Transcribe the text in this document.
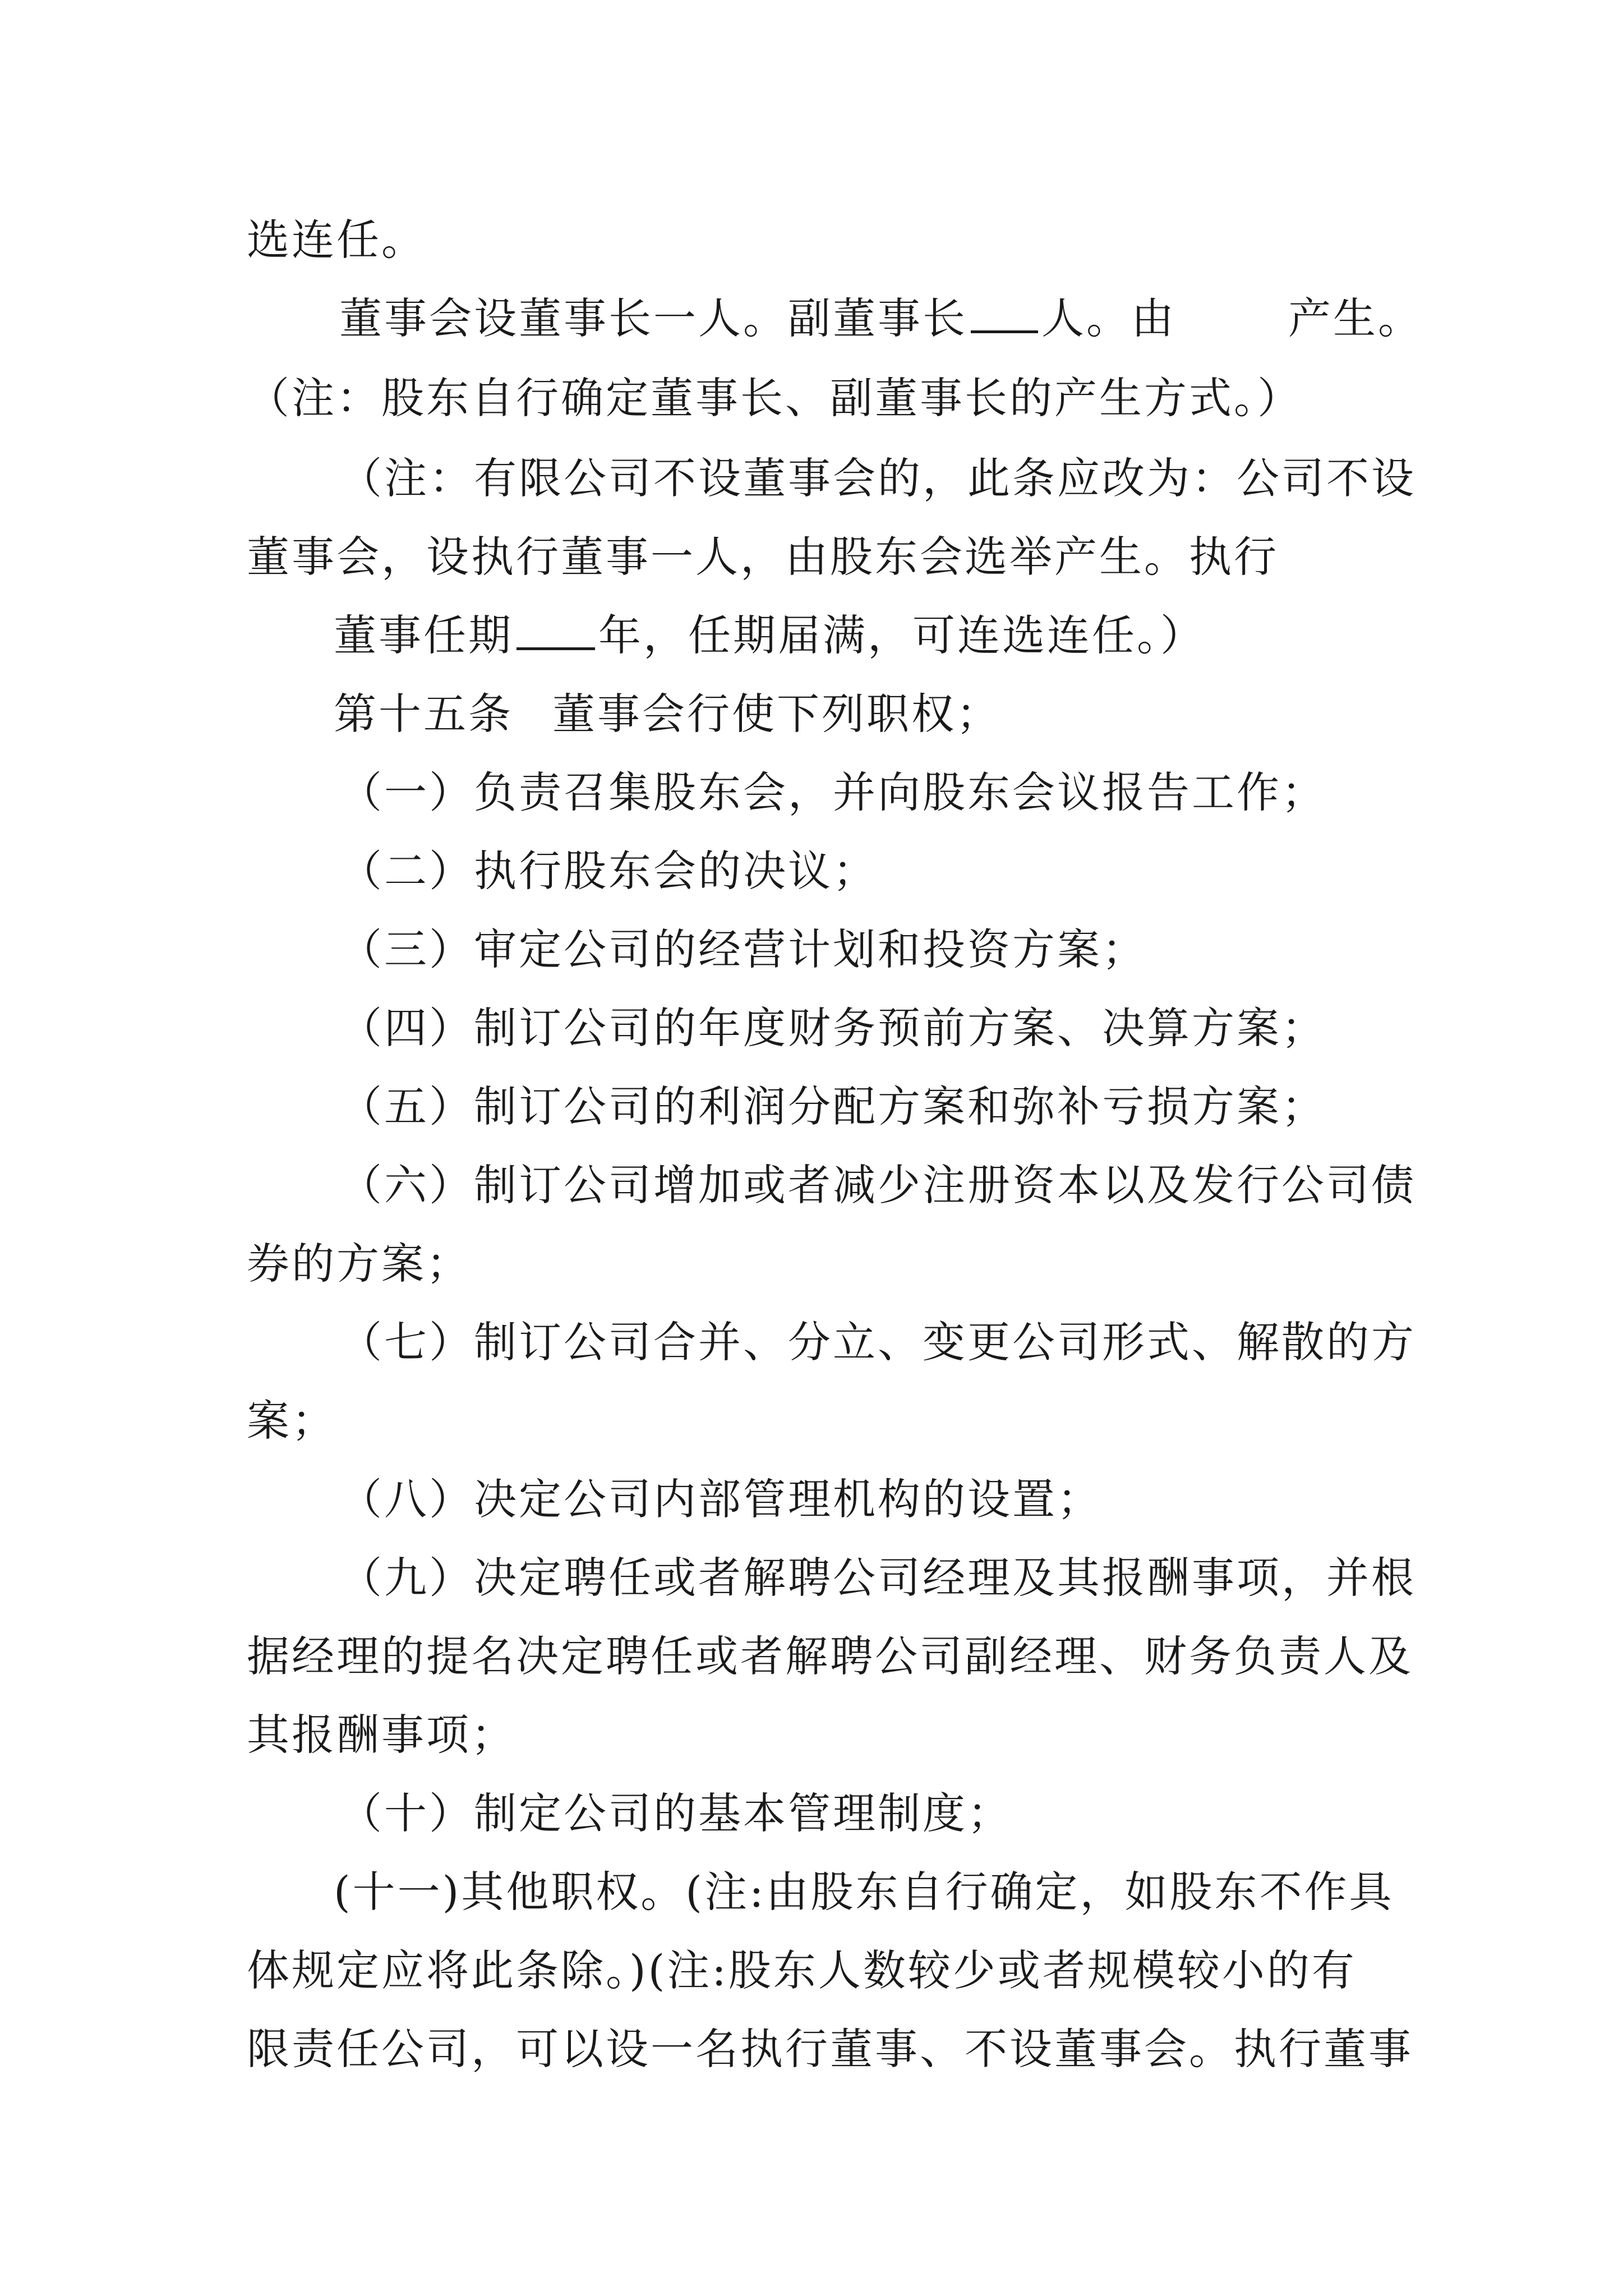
选连任。

董事会设董事长一人。副董事长 人。由	产生。

（注：股东自行确定董事长、副董事长的产生方式。）

（注：有限公司不设董事会的，此条应改为：公司不设

董事会，设执行董事一人，由股东会选举产生。执行

董事任期 年，任期届满，可连选连任。）

第十五条 董事会行使下列职权；

（一）负责召集股东会，并向股东会议报告工作；

（二）执行股东会的决议；

（三）审定公司的经营计划和投资方案；

（四）制订公司的年度财务预前方案、决算方案；

（五）制订公司的利润分配方案和弥补亏损方案；

（六）制订公司增加或者减少注册资本以及发行公司债

券的方案；

（七）制订公司合并、分立、变更公司形式、解散的方

案；

（八）决定公司内部管理机构的设置；

（九）决定聘任或者解聘公司经理及其报酬事项，并根

据经理的提名决定聘任或者解聘公司副经理、财务负责人及

其报酬事项；

（十）制定公司的基本管理制度；

(十一)其他职权。(注:由股东自行确定，如股东不作具

体规定应将此条除。)(注:股东人数较少或者规模较小的有

限责任公司，可以设一名执行董事、不设董事会。执行董事
